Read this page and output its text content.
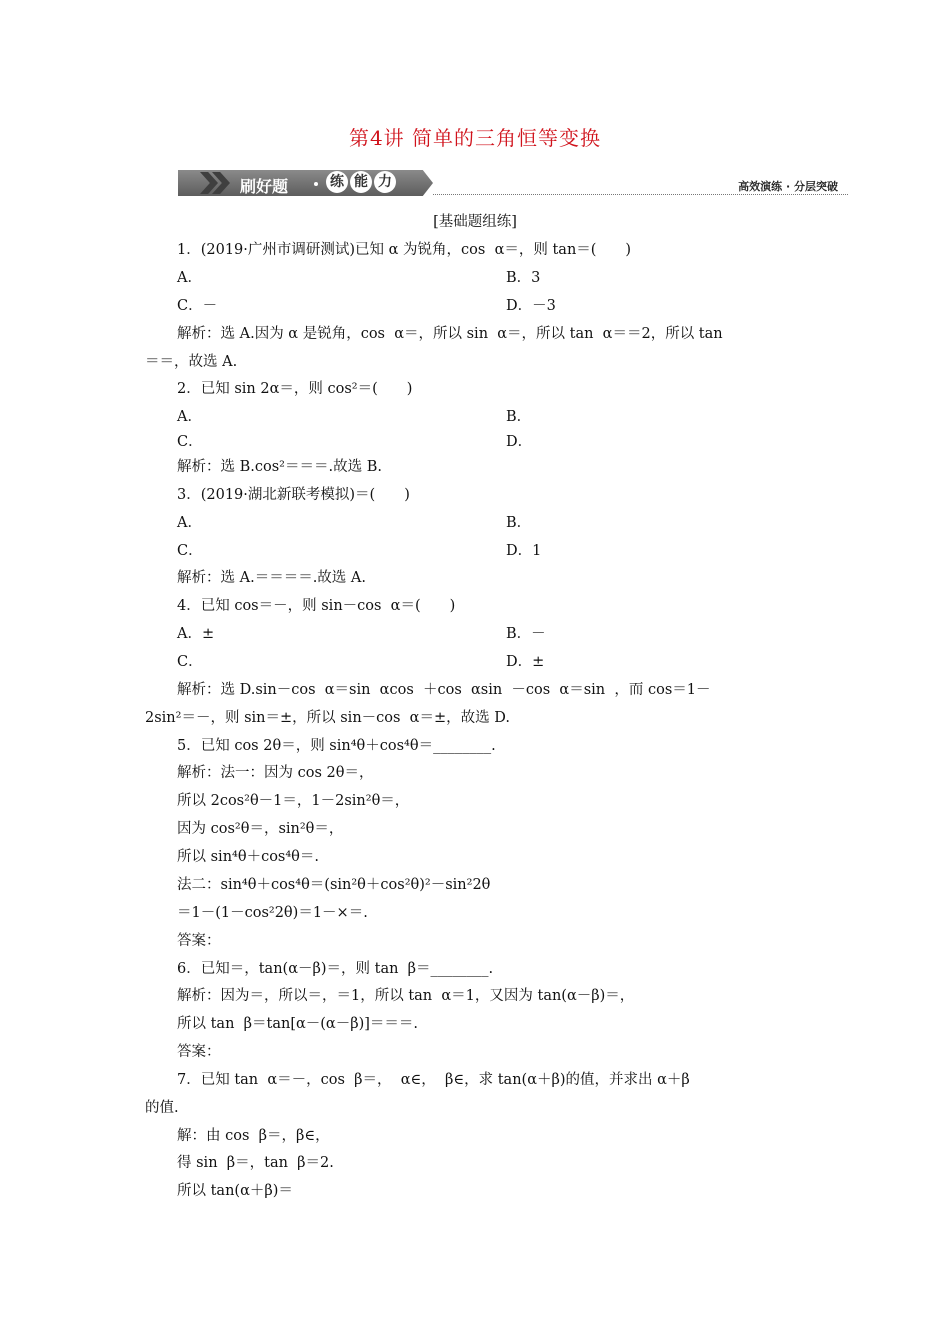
第4讲 简单的三角恒等变换
刷好题	练 能 力	高效演练 · 分层突破
[基础题组练]
1．(2019·广州市调研测试)已知 α 为锐角，cos  α＝，则 tan＝(　　)
A．	B．3
C．－	D．－3
解析：选 A.因为 α 是锐角，cos  α＝，所以 sin  α＝，所以 tan  α＝＝2，所以 tan
＝＝，故选 A.
2．已知 sin 2α＝，则 cos²＝(　　)
A．	B．
C．	D．
解析：选 B.cos²＝＝＝.故选 B.
3．(2019·湖北新联考模拟)＝(　　)
A．	B．
C．	D．1
解析：选 A.＝＝＝＝.故选 A.
4．已知 cos＝－，则 sin－cos  α＝(　　)
A．±	B．－
C．	D．±
解析：选 D.sin－cos  α＝sin  αcos  ＋cos  αsin  －cos  α＝sin  ，而 cos＝1－
2sin²＝－，则 sin＝±，所以 sin－cos  α＝±，故选 D.
5．已知 cos 2θ＝，则 sin⁴θ＋cos⁴θ＝________.
解析：法一：因为 cos 2θ＝，
所以 2cos²θ－1＝，1－2sin²θ＝，
因为 cos²θ＝，sin²θ＝，
所以 sin⁴θ＋cos⁴θ＝.
法二：sin⁴θ＋cos⁴θ＝(sin²θ＋cos²θ)²－sin²2θ
＝1－(1－cos²2θ)＝1－×＝.
答案：
6．已知＝，tan(α－β)＝，则 tan  β＝________.
解析：因为＝，所以＝，＝1，所以 tan  α＝1，又因为 tan(α－β)＝，
所以 tan  β＝tan[α－(α－β)]＝＝＝.
答案：
7．已知 tan  α＝－，cos  β＝，  α∈，  β∈，求 tan(α＋β)的值，并求出 α＋β
的值.
解：由 cos  β＝，β∈，
得 sin  β＝，tan  β＝2.
所以 tan(α＋β)＝
